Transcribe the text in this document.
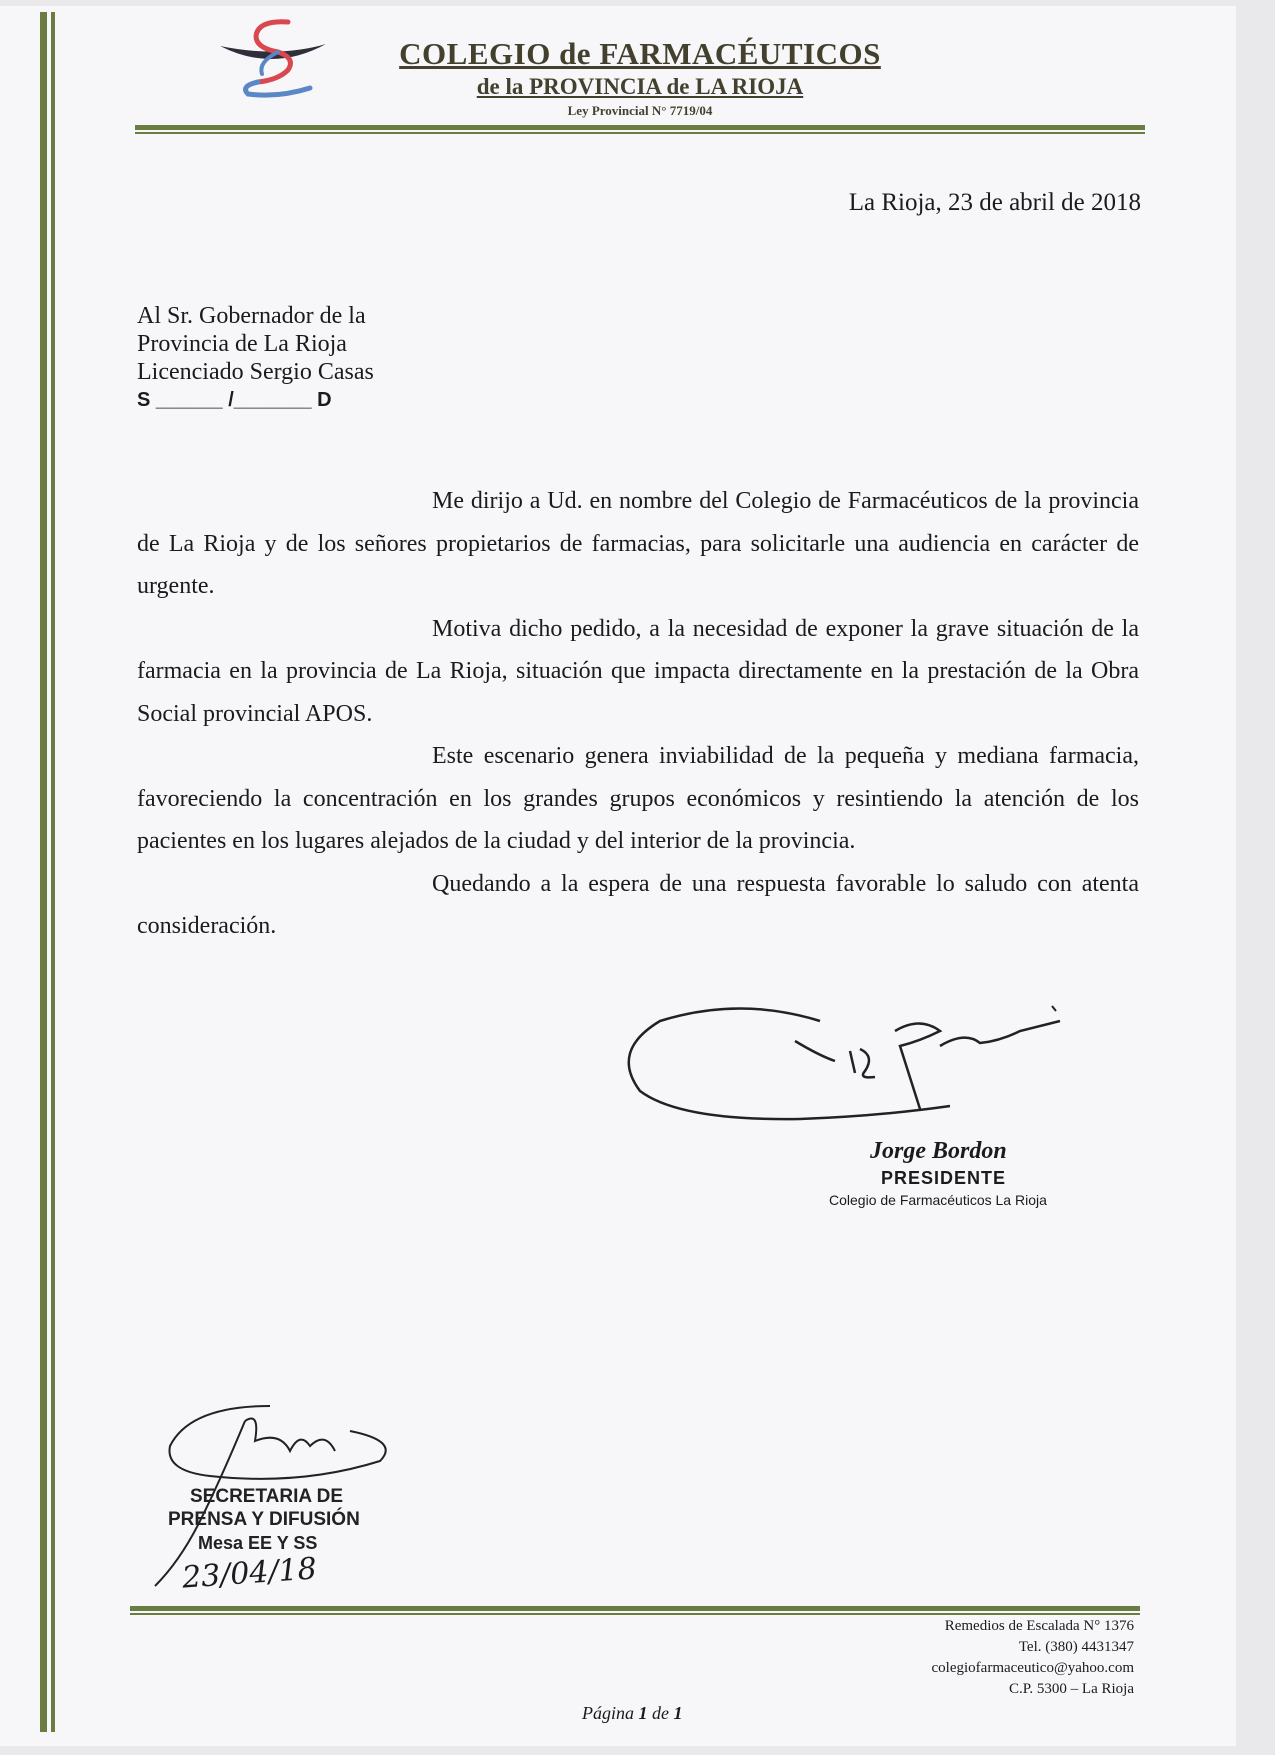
COLEGIO de FARMACÉUTICOS
de la PROVINCIA de LA RIOJA
Ley Provincial N° 7719/04
La Rioja, 23 de abril de 2018
Al Sr. Gobernador de la
Provincia de La Rioja
Licenciado Sergio Casas
S ______ /_______ D

Me dirijo a Ud. en nombre del Colegio de Farmacéuticos de la provincia de La Rioja y de los señores propietarios de farmacias, para solicitarle una audiencia en carácter de urgente.

Motiva dicho pedido, a la necesidad de exponer la grave situación de la farmacia en la provincia de La Rioja, situación que impacta directamente en la prestación de la Obra Social provincial APOS.

Este escenario genera inviabilidad de la pequeña y mediana farmacia, favoreciendo la concentración en los grandes grupos económicos y resintiendo la atención de los pacientes en los lugares alejados de la ciudad y del interior de la provincia.

Quedando a la espera de una respuesta favorable lo saludo con atenta consideración.

Jorge Bordon
PRESIDENTE
Colegio de Farmacéuticos La Rioja
SECRETARIA DE
PRENSA Y DIFUSIÓN
Mesa EE Y SS
23/04/18
Remedios de Escalada N° 1376
Tel. (380) 4431347
colegiofarmaceutico@yahoo.com
C.P. 5300 – La Rioja
Página 1 de 1
